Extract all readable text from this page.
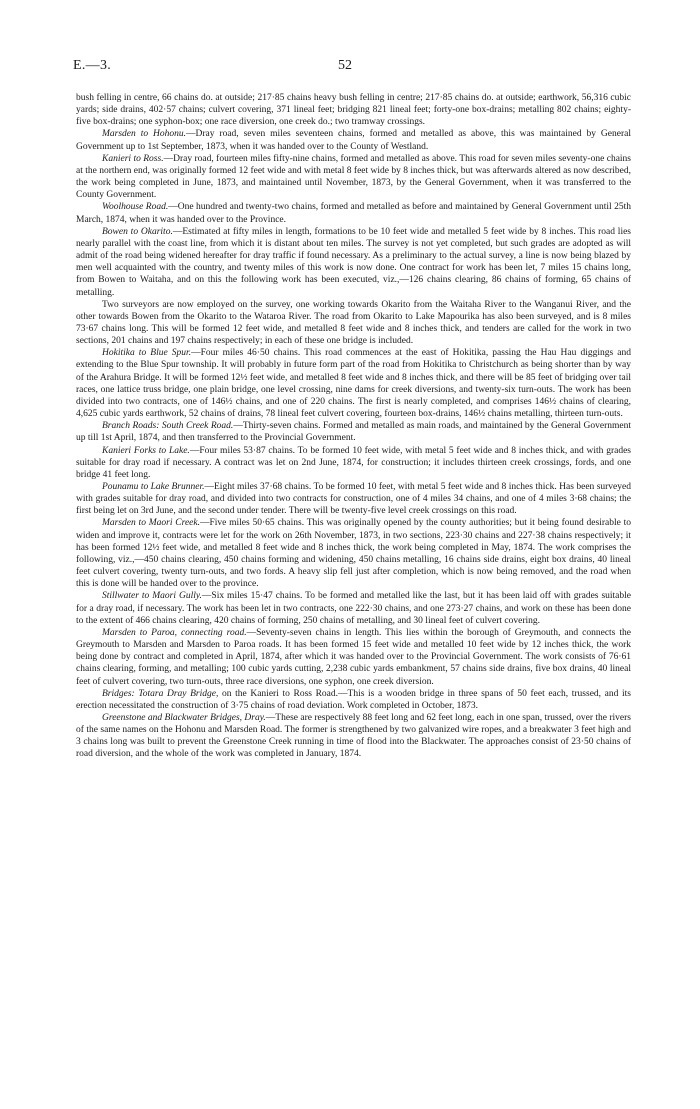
E.—3.	52

bush felling in centre, 66 chains do. at outside; 217·85 chains heavy bush felling in centre; 217·85 chains do. at outside; earthwork, 56,316 cubic yards; side drains, 402·57 chains; culvert covering, 371 lineal feet; bridging 821 lineal feet; forty-one box-drains; metalling 802 chains; eighty-five box-drains; one syphon-box; one race diversion, one creek do.; two tramway crossings.

Marsden to Hohonu.—Dray road, seven miles seventeen chains, formed and metalled as above, this was maintained by General Government up to 1st September, 1873, when it was handed over to the County of Westland.

Kanieri to Ross.—Dray road, fourteen miles fifty-nine chains, formed and metalled as above. This road for seven miles seventy-one chains at the northern end, was originally formed 12 feet wide and with metal 8 feet wide by 8 inches thick, but was afterwards altered as now described, the work being completed in June, 1873, and maintained until November, 1873, by the General Government, when it was transferred to the County Government.

Woolhouse Road.—One hundred and twenty-two chains, formed and metalled as before and maintained by General Government until 25th March, 1874, when it was handed over to the Province.

Bowen to Okarito.—Estimated at fifty miles in length, formations to be 10 feet wide and metalled 5 feet wide by 8 inches. This road lies nearly parallel with the coast line, from which it is distant about ten miles. The survey is not yet completed, but such grades are adopted as will admit of the road being widened hereafter for dray traffic if found necessary. As a preliminary to the actual survey, a line is now being blazed by men well acquainted with the country, and twenty miles of this work is now done. One contract for work has been let, 7 miles 15 chains long, from Bowen to Waitaha, and on this the following work has been executed, viz.,—126 chains clearing, 86 chains of forming, 65 chains of metalling.

Two surveyors are now employed on the survey, one working towards Okarito from the Waitaha River to the Wanganui River, and the other towards Bowen from the Okarito to the Wataroa River. The road from Okarito to Lake Mapourika has also been surveyed, and is 8 miles 73·67 chains long. This will be formed 12 feet wide, and metalled 8 feet wide and 8 inches thick, and tenders are called for the work in two sections, 201 chains and 197 chains respectively; in each of these one bridge is included.

Hokitika to Blue Spur.—Four miles 46·50 chains. This road commences at the east of Hokitika, passing the Hau Hau diggings and extending to the Blue Spur township. It will probably in future form part of the road from Hokitika to Christchurch as being shorter than by way of the Arahura Bridge. It will be formed 12½ feet wide, and metalled 8 feet wide and 8 inches thick, and there will be 85 feet of bridging over tail races, one lattice truss bridge, one plain bridge, one level crossing, nine dams for creek diversions, and twenty-six turn-outs. The work has been divided into two contracts, one of 146½ chains, and one of 220 chains. The first is nearly completed, and comprises 146½ chains of clearing, 4,625 cubic yards earthwork, 52 chains of drains, 78 lineal feet culvert covering, fourteen box-drains, 146½ chains metalling, thirteen turn-outs.

Branch Roads: South Creek Road.—Thirty-seven chains. Formed and metalled as main roads, and maintained by the General Government up till 1st April, 1874, and then transferred to the Provincial Government.

Kanieri Forks to Lake.—Four miles 53·87 chains. To be formed 10 feet wide, with metal 5 feet wide and 8 inches thick, and with grades suitable for dray road if necessary. A contract was let on 2nd June, 1874, for construction; it includes thirteen creek crossings, fords, and one bridge 41 feet long.

Pounamu to Lake Brunner.—Eight miles 37·68 chains. To be formed 10 feet, with metal 5 feet wide and 8 inches thick. Has been surveyed with grades suitable for dray road, and divided into two contracts for construction, one of 4 miles 34 chains, and one of 4 miles 3·68 chains; the first being let on 3rd June, and the second under tender. There will be twenty-five level creek crossings on this road.

Marsden to Maori Creek.—Five miles 50·65 chains. This was originally opened by the county authorities; but it being found desirable to widen and improve it, contracts were let for the work on 26th November, 1873, in two sections, 223·30 chains and 227·38 chains respectively; it has been formed 12½ feet wide, and metalled 8 feet wide and 8 inches thick, the work being completed in May, 1874. The work comprises the following, viz.,—450 chains clearing, 450 chains forming and widening, 450 chains metalling, 16 chains side drains, eight box drains, 40 lineal feet culvert covering, twenty turn-outs, and two fords. A heavy slip fell just after completion, which is now being removed, and the road when this is done will be handed over to the province.

Stillwater to Maori Gully.—Six miles 15·47 chains. To be formed and metalled like the last, but it has been laid off with grades suitable for a dray road, if necessary. The work has been let in two contracts, one 222·30 chains, and one 273·27 chains, and work on these has been done to the extent of 466 chains clearing, 420 chains of forming, 250 chains of metalling, and 30 lineal feet of culvert covering.

Marsden to Paroa, connecting road.—Seventy-seven chains in length. This lies within the borough of Greymouth, and connects the Greymouth to Marsden and Marsden to Paroa roads. It has been formed 15 feet wide and metalled 10 feet wide by 12 inches thick, the work being done by contract and completed in April, 1874, after which it was handed over to the Provincial Government. The work consists of 76·61 chains clearing, forming, and metalling; 100 cubic yards cutting, 2,238 cubic yards embankment, 57 chains side drains, five box drains, 40 lineal feet of culvert covering, two turn-outs, three race diversions, one syphon, one creek diversion.

Bridges: Totara Dray Bridge, on the Kanieri to Ross Road.—This is a wooden bridge in three spans of 50 feet each, trussed, and its erection necessitated the construction of 3·75 chains of road deviation. Work completed in October, 1873.

Greenstone and Blackwater Bridges, Dray.—These are respectively 88 feet long and 62 feet long, each in one span, trussed, over the rivers of the same names on the Hohonu and Marsden Road. The former is strengthened by two galvanized wire ropes, and a breakwater 3 feet high and 3 chains long was built to prevent the Greenstone Creek running in time of flood into the Blackwater. The approaches consist of 23·50 chains of road diversion, and the whole of the work was completed in January, 1874.
